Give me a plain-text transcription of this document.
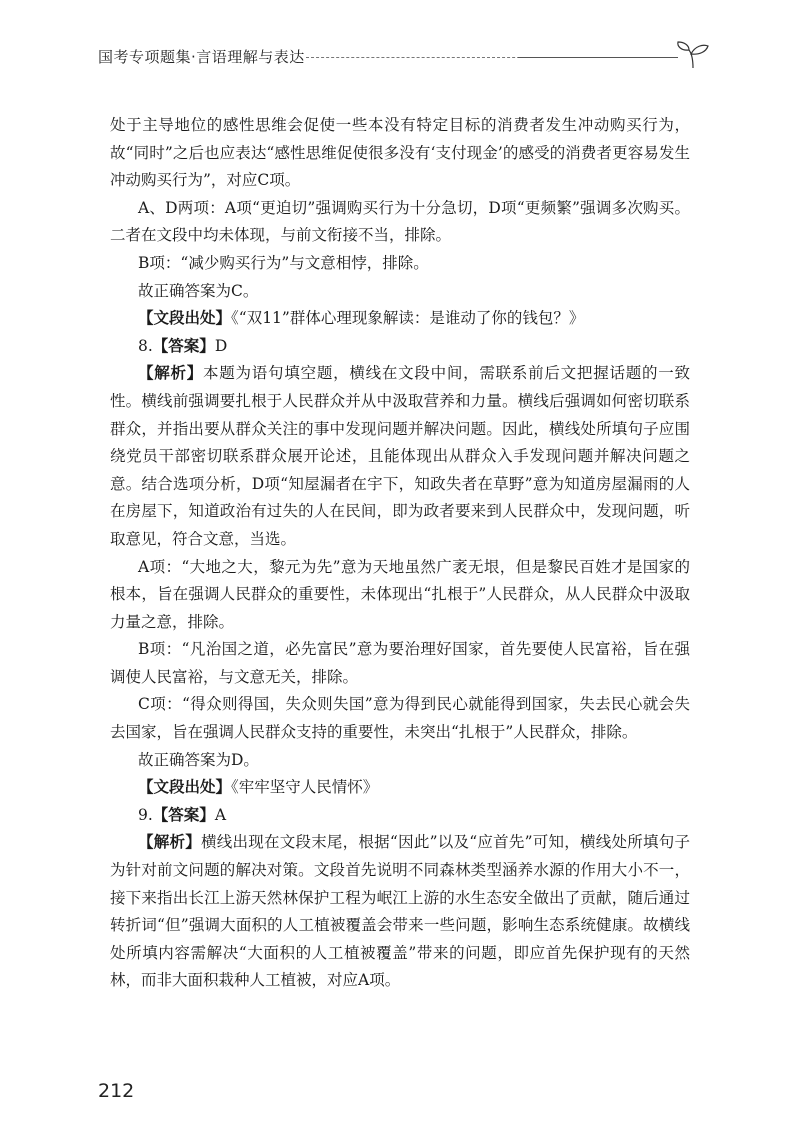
国考专项题集·言语理解与表达

处于主导地位的感性思维会促使一些本没有特定目标的消费者发生冲动购买行为，故“同时”之后也应表达“感性思维促使很多没有‘支付现金’的感受的消费者更容易发生冲动购买行为”，对应C项。

A、D两项：A项“更迫切”强调购买行为十分急切，D项“更频繁”强调多次购买。二者在文段中均未体现，与前文衔接不当，排除。

B项：“减少购买行为”与文意相悖，排除。

故正确答案为C。

【文段出处】《“双11”群体心理现象解读：是谁动了你的钱包？》

8.【答案】D

【解析】本题为语句填空题，横线在文段中间，需联系前后文把握话题的一致性。横线前强调要扎根于人民群众并从中汲取营养和力量。横线后强调如何密切联系群众，并指出要从群众关注的事中发现问题并解决问题。因此，横线处所填句子应围绕党员干部密切联系群众展开论述，且能体现出从群众入手发现问题并解决问题之意。结合选项分析，D项“知屋漏者在宇下，知政失者在草野”意为知道房屋漏雨的人在房屋下，知道政治有过失的人在民间，即为政者要来到人民群众中，发现问题，听取意见，符合文意，当选。

A项：“大地之大，黎元为先”意为天地虽然广袤无垠，但是黎民百姓才是国家的根本，旨在强调人民群众的重要性，未体现出“扎根于”人民群众，从人民群众中汲取力量之意，排除。

B项：“凡治国之道，必先富民”意为要治理好国家，首先要使人民富裕，旨在强调使人民富裕，与文意无关，排除。

C项：“得众则得国，失众则失国”意为得到民心就能得到国家，失去民心就会失去国家，旨在强调人民群众支持的重要性，未突出“扎根于”人民群众，排除。

故正确答案为D。

【文段出处】《牢牢坚守人民情怀》

9.【答案】A

【解析】横线出现在文段末尾，根据“因此”以及“应首先”可知，横线处所填句子为针对前文问题的解决对策。文段首先说明不同森林类型涵养水源的作用大小不一，接下来指出长江上游天然林保护工程为岷江上游的水生态安全做出了贡献，随后通过转折词“但”强调大面积的人工植被覆盖会带来一些问题，影响生态系统健康。故横线处所填内容需解决“大面积的人工植被覆盖”带来的问题，即应首先保护现有的天然林，而非大面积栽种人工植被，对应A项。

212
